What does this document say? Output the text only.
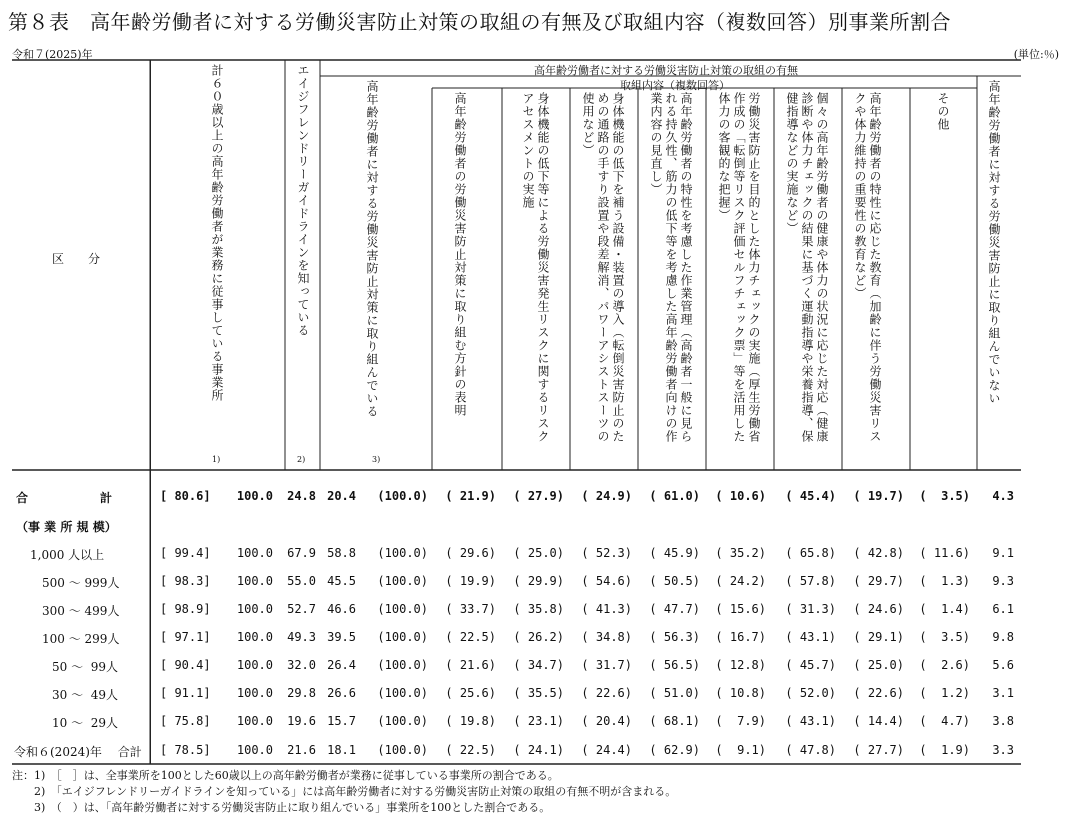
第８表　高年齢労働者に対する労働災害防止対策の取組の有無及び取組内容（複数回答）別事業所割合
令和７(2025)年	(単位:％)
区　　分	計６０歳以上の高年齢労働者が業務に従事している事業所
1)
エイジフレンドリーガイドラインを知っている
2)
高年齢労働者に対する労働災害防止対策の取組の有無
取組内容（複数回答）
高年齢労働者に対する労働災害防止対策に取り組んでいる
3)
高年齢労働者の労働災害防止対策に取り組む方針の表明	身体機能の低下等による労働災害発生リスクに関するリスクアセスメントの実施	身体機能の低下を補う設備・装置の導入（転倒災害防止のための通路の手すり設置や段差解消、パワーアシストスーツの使用など）	高年齢労働者の特性を考慮した作業管理（高齢者一般に見られる持久性、筋力の低下等を考慮した高年齢労働者向けの作業内容の見直し）	労働災害防止を目的とした体力チェックの実施（厚生労働省作成の「転倒等リスク評価セルフチェック票」等を活用した体力の客観的な把握）	個々の高年齢労働者の健康や体力の状況に応じた対応（健康診断や体力チェックの結果に基づく運動指導や栄養指導、保健指導などの実施など）	高年齢労働者の特性に応じた教育（加齢に伴う労働災害リスクや体力維持の重要性の教育など）	その他	高年齢労働者に対する労働災害防止に取り組んでいない
合　　　　　　計	[ 80.6] 100.0 24.8 20.4 (100.0) ( 21.9) ( 27.9) ( 24.9) ( 61.0) ( 10.6) ( 45.4) ( 19.7) (  3.5) 4.3
（事 業 所 規 模）
1,000 人以上	[ 99.4] 100.0 67.9 58.8 (100.0) ( 29.6) ( 25.0) ( 52.3) ( 45.9) ( 35.2) ( 65.8) ( 42.8) ( 11.6) 9.1
500 ～ 999人	[ 98.3] 100.0 55.0 45.5 (100.0) ( 19.9) ( 29.9) ( 54.6) ( 50.5) ( 24.2) ( 57.8) ( 29.7) (  1.3) 9.3
300 ～ 499人	[ 98.9] 100.0 52.7 46.6 (100.0) ( 33.7) ( 35.8) ( 41.3) ( 47.7) ( 15.6) ( 31.3) ( 24.6) (  1.4) 6.1
100 ～ 299人	[ 97.1] 100.0 49.3 39.5 (100.0) ( 22.5) ( 26.2) ( 34.8) ( 56.3) ( 16.7) ( 43.1) ( 29.1) (  3.5) 9.8
50 ～  99人	[ 90.4] 100.0 32.0 26.4 (100.0) ( 21.6) ( 34.7) ( 31.7) ( 56.5) ( 12.8) ( 45.7) ( 25.0) (  2.6) 5.6
30 ～  49人	[ 91.1] 100.0 29.8 26.6 (100.0) ( 25.6) ( 35.5) ( 22.6) ( 51.0) ( 10.8) ( 52.0) ( 22.6) (  1.2) 3.1
10 ～  29人	[ 75.8] 100.0 19.6 15.7 (100.0) ( 19.8) ( 23.1) ( 20.4) ( 68.1) (  7.9) ( 43.1) ( 14.4) (  4.7) 3.8
令和６(2024)年　 合計 [ 78.5] 100.0 21.6 18.1 (100.0) ( 22.5) ( 24.1) ( 24.4) ( 62.9) (  9.1) ( 47.8) ( 27.7) (  1.9) 3.3
注：1)　［　］は、全事業所を100とした60歳以上の高年齢労働者が業務に従事している事業所の割合である。
　　2)　「エイジフレンドリーガイドラインを知っている」には高年齢労働者に対する労働災害防止対策の取組の有無不明が含まれる。
　　3)　（　）は、「高年齢労働者に対する労働災害防止に取り組んでいる」事業所を100とした割合である。
